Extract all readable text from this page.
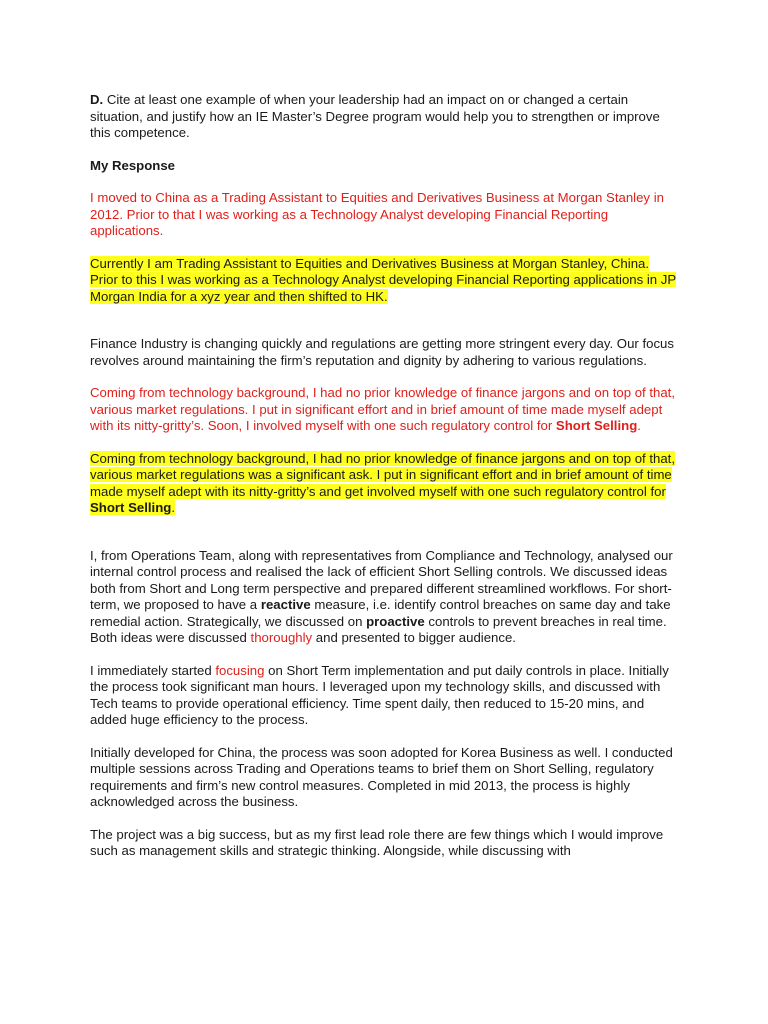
D. Cite at least one example of when your leadership had an impact on or changed a certain situation, and justify how an IE Master’s Degree program would help you to strengthen or improve this competence.

My Response

I moved to China as a Trading Assistant to Equities and Derivatives Business at Morgan Stanley in 2012. Prior to that I was working as a Technology Analyst developing Financial Reporting applications.

Currently I am Trading Assistant to Equities and Derivatives Business at Morgan Stanley, China. Prior to this I was working as a Technology Analyst developing Financial Reporting applications in JP Morgan India for a xyz year and then shifted to HK.

Finance Industry is changing quickly and regulations are getting more stringent every day. Our focus revolves around maintaining the firm’s reputation and dignity by adhering to various regulations.

Coming from technology background, I had no prior knowledge of finance jargons and on top of that, various market regulations. I put in significant effort and in brief amount of time made myself adept with its nitty-gritty’s. Soon, I involved myself with one such regulatory control for Short Selling.

Coming from technology background, I had no prior knowledge of finance jargons and on top of that, various market regulations was a significant ask. I put in significant effort and in brief amount of time made myself adept with its nitty-gritty’s and get involved myself with one such regulatory control for Short Selling.

I, from Operations Team, along with representatives from Compliance and Technology, analysed our internal control process and realised the lack of efficient Short Selling controls. We discussed ideas both from Short and Long term perspective and prepared different streamlined workflows. For short-term, we proposed to have a reactive measure, i.e. identify control breaches on same day and take remedial action. Strategically, we discussed on proactive controls to prevent breaches in real time. Both ideas were discussed thoroughly and presented to bigger audience.

I immediately started focusing on Short Term implementation and put daily controls in place. Initially the process took significant man hours. I leveraged upon my technology skills, and discussed with Tech teams to provide operational efficiency. Time spent daily, then reduced to 15-20 mins, and added huge efficiency to the process.

Initially developed for China, the process was soon adopted for Korea Business as well. I conducted multiple sessions across Trading and Operations teams to brief them on Short Selling, regulatory requirements and firm’s new control measures. Completed in mid 2013, the process is highly acknowledged across the business.

The project was a big success, but as my first lead role there are few things which I would improve such as management skills and strategic thinking. Alongside, while discussing with
